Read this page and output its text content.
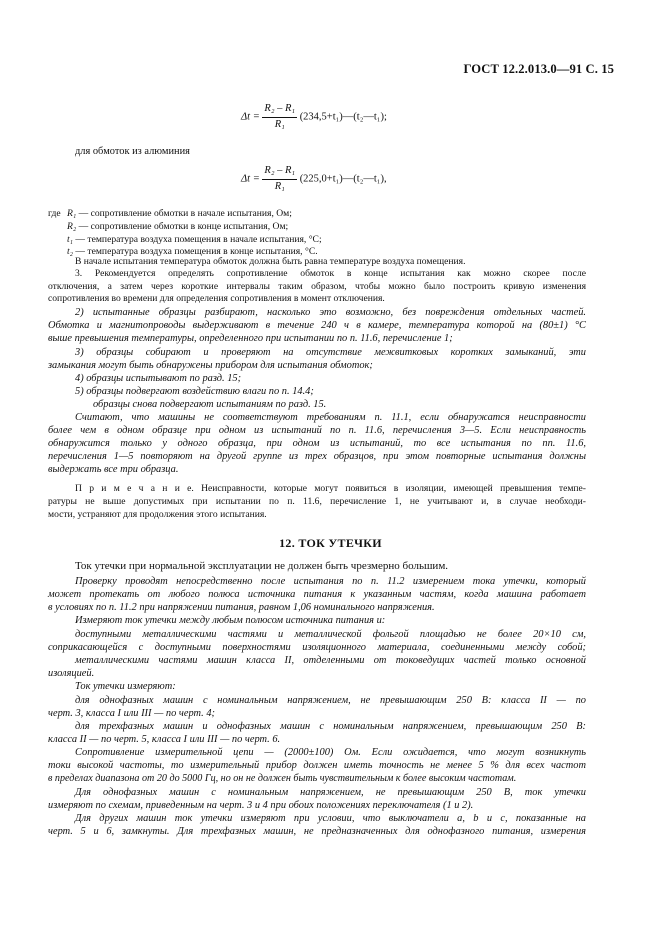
ГОСТ 12.2.013.0—91 С. 15
$\Delta t = \frac{\text{R₂ – R₁}}{\text{R₁}}$ (234,5+t₁)—(t₂—t₁);
для обмоток из алюминия
$\Delta t = \frac{\text{R₂ – R₁}}{\text{R₁}}$ (225,0+t₁)—(t₂—t₁),
где R₁ — сопротивление обмотки в начале испытания, Ом;
R₂ — сопротивление обмотки в конце испытания, Ом;
t₁ — температура воздуха помещения в начале испытания, °С;
t₂ — температура воздуха помещения в конце испытания, °С.
В начале испытания температура обмоток должна быть равна температуре воздуха помещения.
3. Рекомендуется определять сопротивление обмоток в конце испытания как можно скорее после
отключения, а затем через короткие интервалы таким образом, чтобы можно было построить кривую изменения
сопротивления во времени для определения сопротивления в момент отключения.
2) испытанные образцы разбирают, насколько это возможно, без повреждения отдельных частей.
Обмотка и магнитопроводы выдерживают в течение 240 ч в камере, температура которой на (80±1) °С
выше превышения температуры, определенного при испытании по п. 11.6, перечисление 1;
3) образцы собирают и проверяют на отсутствие межвитковых коротких замыканий, эти
замыкания могут быть обнаружены прибором для испытания обмоток;
4) образцы испытывают по разд. 15;
5) образцы подвергают воздействию влаги по п. 14.4;
образцы снова подвергают испытаниям по разд. 15.
Считают, что машины не соответствуют требованиям п. 11.1, если обнаружатся неисправности
более чем в одном образце при одном из испытаний по п. 11.6, перечисления 3—5. Если неисправность
обнаружится только у одного образца, при одном из испытаний, то все испытания по пп. 11.6,
перечисления 1—5 повторяют на другой группе из трех образцов, при этом повторные испытания должны
выдержать все три образца.
П р и м е ч а н и е. Неисправности, которые могут появиться в изоляции, имеющей превышения темпе-
ратуры не выше допустимых при испытании по п. 11.6, перечисление 1, не учитывают и, в случае необходи-
мости, устраняют для продолжения этого испытания.
12. ТОК УТЕЧКИ
Ток утечки при нормальной эксплуатации не должен быть чрезмерно большим.
Проверку проводят непосредственно после испытания по п. 11.2 измерением тока утечки, который
может протекать от любого полюса источника питания к указанным частям, когда машина работает
в условиях по п. 11.2 при напряжении питания, равном 1,06 номинального напряжения.
Измеряют ток утечки между любым полюсом источника питания и:
доступными металлическими частями и металлической фольгой площадью не более 20×10 см,
соприкасающейся с доступными поверхностями изоляционного материала, соединенными между собой;
металлическими частями машин класса II, отделенными от токоведущих частей только основной
изоляцией.
Ток утечки измеряют:
для однофазных машин с номинальным напряжением, не превышающим 250 В: класса II — по
черт. 3, класса I или III — по черт. 4;
для трехфазных машин и однофазных машин с номинальным напряжением, превышающим 250 В:
класса II — по черт. 5, класса I или III — по черт. 6.
Сопротивление измерительной цепи — (2000±100) Ом. Если ожидается, что могут возникнуть
токи высокой частоты, то измерительный прибор должен иметь точность не менее 5 % для всех частот
в пределах диапазона от 20 до 5000 Гц, но он не должен быть чувствительным к более высоким частотам.
Для однофазных машин с номинальным напряжением, не превышающим 250 В, ток утечки
измеряют по схемам, приведенным на черт. 3 и 4 при обоих положениях переключателя (1 и 2).
Для других машин ток утечки измеряют при условии, что выключатели а, b и с, показанные на
черт. 5 и 6, замкнуты. Для трехфазных машин, не предназначенных для однофазного питания, измерения
